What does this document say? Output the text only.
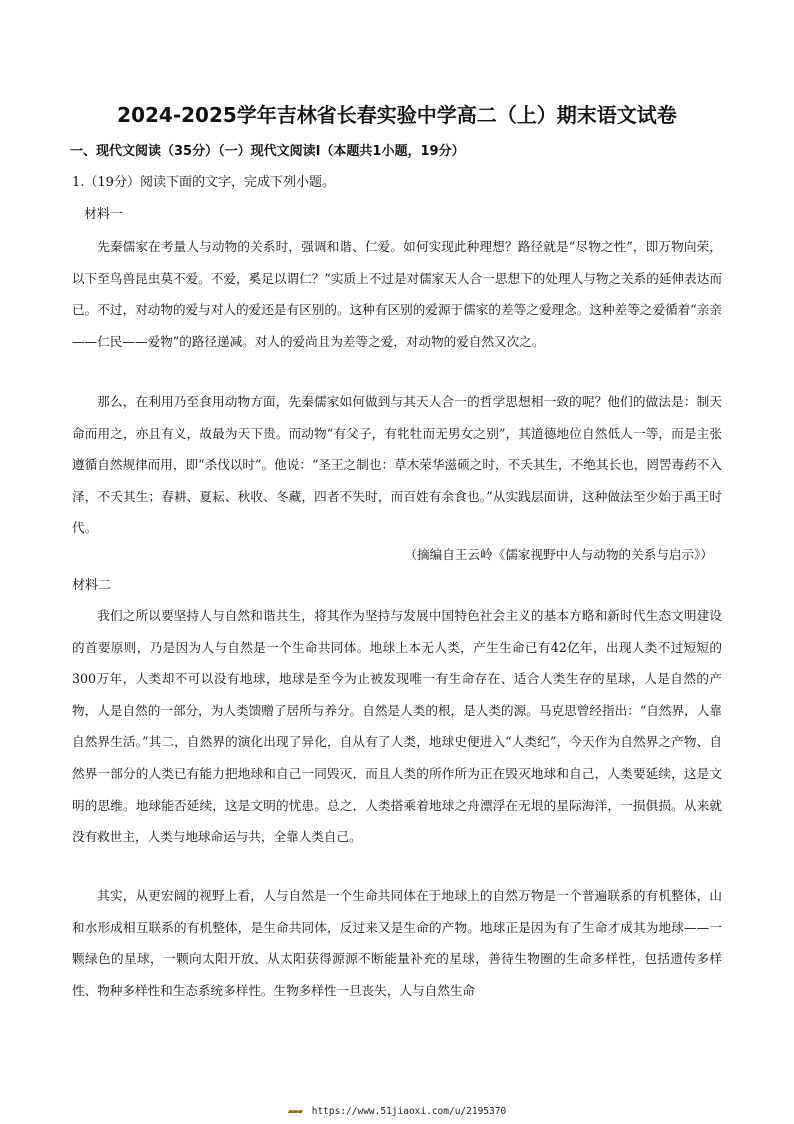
2024-2025学年吉林省长春实验中学高二（上）期末语文试卷
一、现代文阅读（35分）（一）现代文阅读Ⅰ（本题共1小题，19分）
1.（19分）阅读下面的文字，完成下列小题。
材料一

先秦儒家在考量人与动物的关系时，强调和谐、仁爱。如何实现此种理想？路径就是“尽物之性”，即万物向荣，以下至鸟兽昆虫莫不爱。不爱，奚足以谓仁？”实质上不过是对儒家天人合一思想下的处理人与物之关系的延伸表达而已。不过，对动物的爱与对人的爱还是有区别的。这种有区别的爱源于儒家的差等之爱理念。这种差等之爱循着“亲亲——仁民——爱物”的路径递减。对人的爱尚且为差等之爱，对动物的爱自然又次之。

那么，在利用乃至食用动物方面，先秦儒家如何做到与其天人合一的哲学思想相一致的呢？他们的做法是：制天命而用之，亦且有义，故最为天下贵。而动物“有父子，有牝牡而无男女之别”，其道德地位自然低人一等，而是主张遵循自然规律而用，即“杀伐以时”。他说：“圣王之制也：草木荣华滋硕之时，不夭其生，不绝其长也，罔罟毒药不入泽，不夭其生；春耕、夏耘、秋收、冬藏，四者不失时，而百姓有余食也。”从实践层面讲，这种做法至少始于禹王时代。

（摘编自王云岭《儒家视野中人与动物的关系与启示》）
材料二

我们之所以要坚持人与自然和谐共生，将其作为坚持与发展中国特色社会主义的基本方略和新时代生态文明建设的首要原则，乃是因为人与自然是一个生命共同体。地球上本无人类，产生生命已有42亿年，出现人类不过短短的300万年，人类却不可以没有地球，地球是至今为止被发现唯一有生命存在、适合人类生存的星球，人是自然的产物，人是自然的一部分，为人类馈赠了居所与养分。自然是人类的根，是人类的源。马克思曾经指出：“自然界，人靠自然界生活。”其二，自然界的演化出现了异化，自从有了人类，地球史便进入“人类纪”，今天作为自然界之产物、自然界一部分的人类已有能力把地球和自己一同毁灭，而且人类的所作所为正在毁灭地球和自己，人类要延续，这是文明的思维。地球能否延续，这是文明的忧患。总之，人类搭乘着地球之舟漂浮在无垠的星际海洋，一损俱损。从来就没有救世主，人类与地球命运与共，全靠人类自己。

其实，从更宏阔的视野上看，人与自然是一个生命共同体在于地球上的自然万物是一个普遍联系的有机整体，山和水形成相互联系的有机整体，是生命共同体，反过来又是生命的产物。地球正是因为有了生命才成其为地球——一颗绿色的星球，一颗向太阳开放、从太阳获得源源不断能量补充的星球，善待生物圈的生命多样性，包括遗传多样性、物种多样性和生态系统多样性。生物多样性一旦丧失，人与自然生命

▰▰▰ https://www.51jiaoxi.com/u/2195370
